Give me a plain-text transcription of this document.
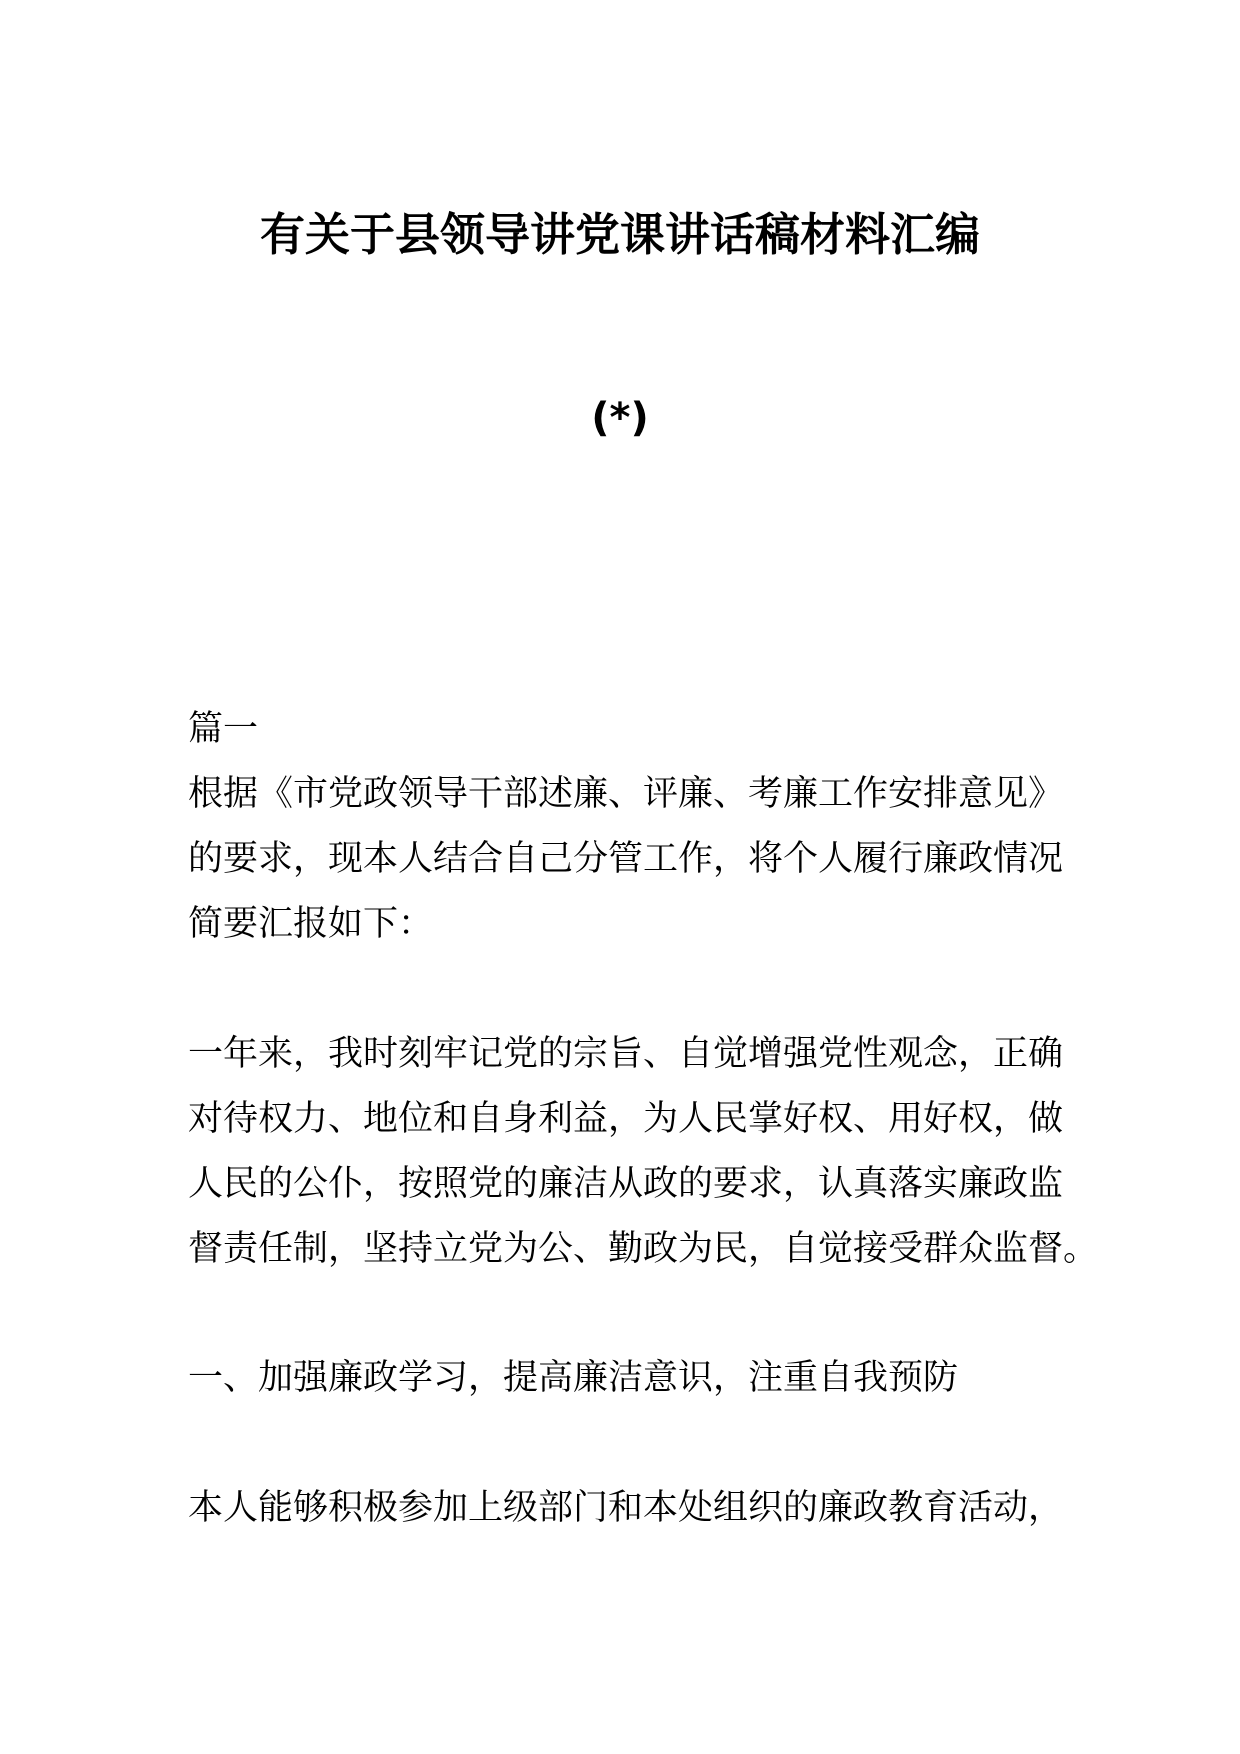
有关于县领导讲党课讲话稿材料汇编
(*)
篇一
根据《市党政领导干部述廉、评廉、考廉工作安排意见》
的要求，现本人结合自己分管工作，将个人履行廉政情况
简要汇报如下：
一年来，我时刻牢记党的宗旨、自觉增强党性观念，正确
对待权力、地位和自身利益，为人民掌好权、用好权，做
人民的公仆，按照党的廉洁从政的要求，认真落实廉政监
督责任制，坚持立党为公、勤政为民，自觉接受群众监督。
一、加强廉政学习，提高廉洁意识，注重自我预防
本人能够积极参加上级部门和本处组织的廉政教育活动，
